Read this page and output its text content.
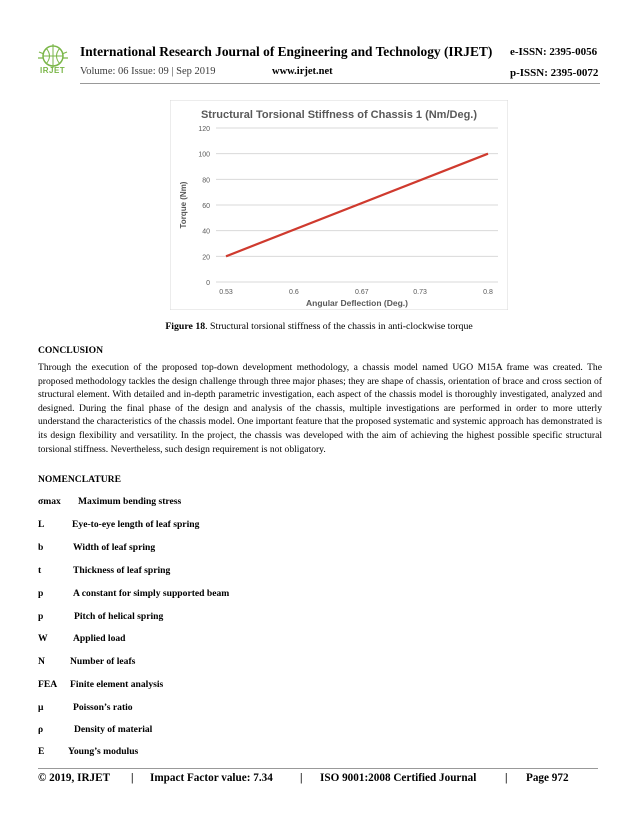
IRJET
International Research Journal of Engineering and Technology (IRJET) e-ISSN: 2395-0056
Volume: 06 Issue: 09 | Sep 2019	www.irjet.net	p-ISSN: 2395-0072
Structural Torsional Stiffness of Chassis 1 (Nm/Deg.)
0
20
40
60
80
100
120
0.53	0.6	0.67	0.73	0.8
Angular Deflection (Deg.)
Torque (Nm)
Figure 18. Structural torsional stiffness of the chassis in anti-clockwise torque
CONCLUSION

Through the execution of the proposed top-down development methodology, a chassis model named UGO M15A frame was created. The proposed methodology tackles the design challenge through three major phases; they are shape of chassis, orientation of brace and cross section of structural element. With detailed and in-depth parametric investigation, each aspect of the chassis model is thoroughly investigated, analyzed and designed. During the final phase of the design and analysis of the chassis, multiple investigations are performed in order to more utterly understand the characteristics of the chassis model. One important feature that the proposed systematic and systemic approach has demonstrated is its design flexibility and versatility. In the project, the chassis was developed with the aim of achieving the highest possible specific structural torsional stiffness. Nevertheless, such design requirement is not obligatory.

NOMENCLATURE
σmax Maximum bending stress
L	Eye-to-eye length of leaf spring
b	Width of leaf spring
t	Thickness of leaf spring
p	A constant for simply supported beam
p	Pitch of helical spring
W	Applied load
N	Number of leafs
FEA Finite element analysis
μ	Poisson’s ratio
ρ	Density of material
E Young’s modulus
© 2019, IRJET | Impact Factor value: 7.34 | ISO 9001:2008 Certified Journal	| Page 972
